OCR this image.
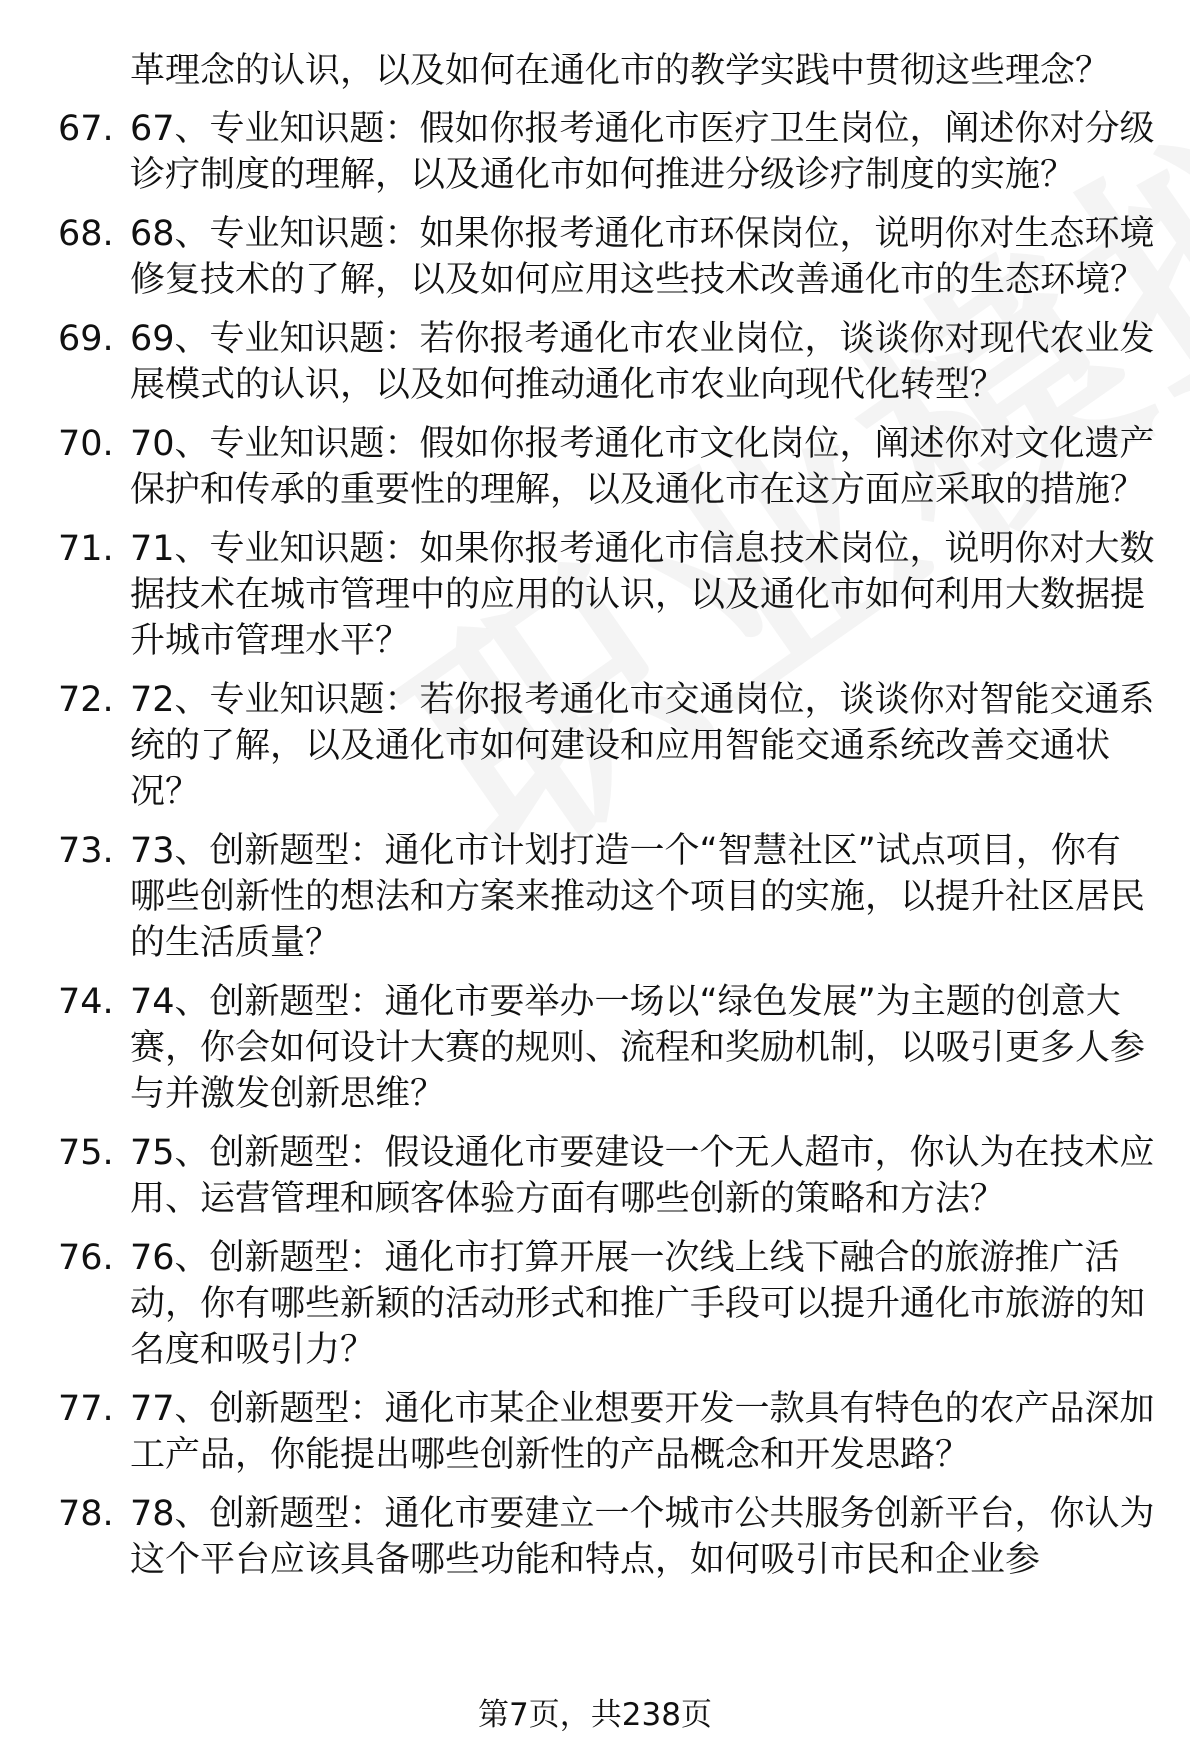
革理念的认识，以及如何在通化市的教学实践中贯彻这些理念？

67. 67、专业知识题：假如你报考通化市医疗卫生岗位，阐述你对分级诊疗制度的理解，以及通化市如何推进分级诊疗制度的实施？
68. 68、专业知识题：如果你报考通化市环保岗位，说明你对生态环境修复技术的了解，以及如何应用这些技术改善通化市的生态环境？
69. 69、专业知识题：若你报考通化市农业岗位，谈谈你对现代农业发展模式的认识，以及如何推动通化市农业向现代化转型？
70. 70、专业知识题：假如你报考通化市文化岗位，阐述你对文化遗产保护和传承的重要性的理解，以及通化市在这方面应采取的措施？
71. 71、专业知识题：如果你报考通化市信息技术岗位，说明你对大数据技术在城市管理中的应用的认识，以及通化市如何利用大数据提升城市管理水平？
72. 72、专业知识题：若你报考通化市交通岗位，谈谈你对智能交通系统的了解，以及通化市如何建设和应用智能交通系统改善交通状况？
73. 73、创新题型：通化市计划打造一个“智慧社区”试点项目，你有哪些创新性的想法和方案来推动这个项目的实施，以提升社区居民的生活质量？
74. 74、创新题型：通化市要举办一场以“绿色发展”为主题的创意大赛，你会如何设计大赛的规则、流程和奖励机制，以吸引更多人参与并激发创新思维？
75. 75、创新题型：假设通化市要建设一个无人超市，你认为在技术应用、运营管理和顾客体验方面有哪些创新的策略和方法？
76. 76、创新题型：通化市打算开展一次线上线下融合的旅游推广活动，你有哪些新颖的活动形式和推广手段可以提升通化市旅游的知名度和吸引力？
77. 77、创新题型：通化市某企业想要开发一款具有特色的农产品深加工产品，你能提出哪些创新性的产品概念和开发思路？
78. 78、创新题型：通化市要建立一个城市公共服务创新平台，你认为这个平台应该具备哪些功能和特点，如何吸引市民和企业参
第7页，共238页
